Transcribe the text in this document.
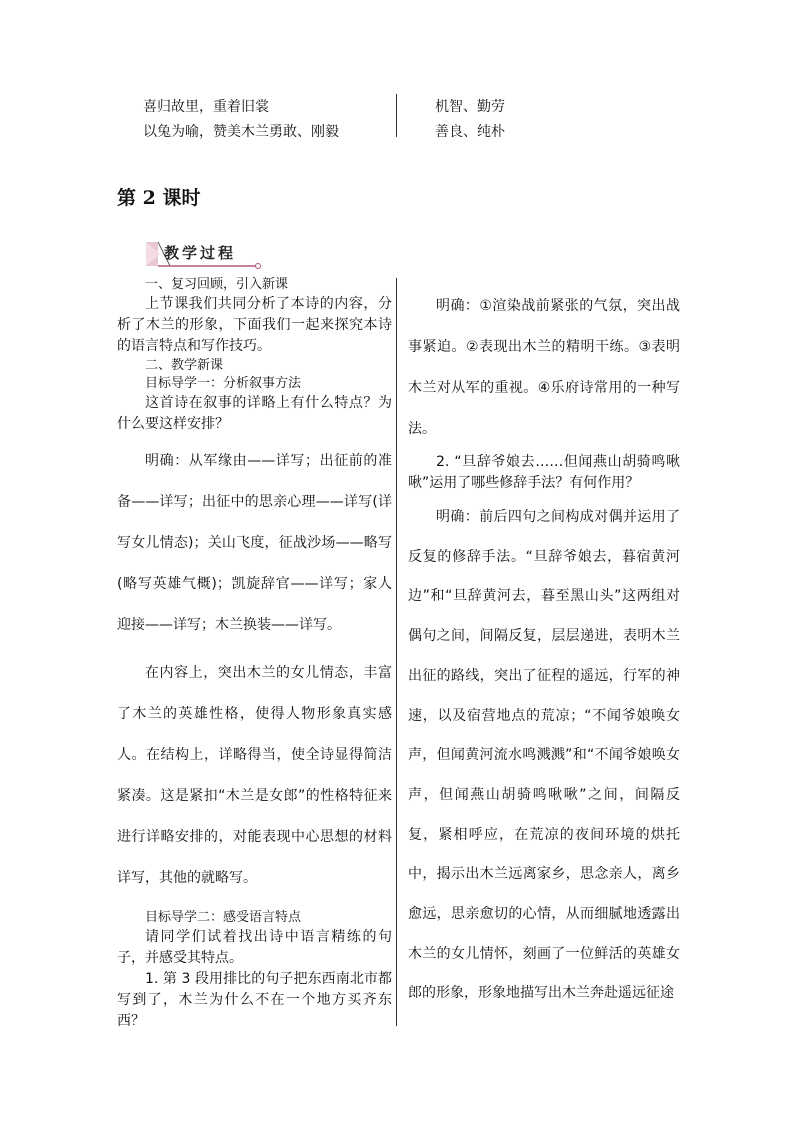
喜归故里，重着旧裳
以兔为喻，赞美木兰勇敢、刚毅
机智、勤劳
善良、纯朴
第 2 课时
教学过程

一、复习回顾，引入新课

上节课我们共同分析了本诗的内容，分析了木兰的形象，下面我们一起来探究本诗的语言特点和写作技巧。

二、教学新课

目标导学一：分析叙事方法

这首诗在叙事的详略上有什么特点？为什么要这样安排？

明确：从军缘由——详写；出征前的准备——详写；出征中的思亲心理——详写(详写女儿情态)；关山飞度，征战沙场——略写(略写英雄气概)；凯旋辞官——详写；家人迎接——详写；木兰换装——详写。

在内容上，突出木兰的女儿情态，丰富了木兰的英雄性格，使得人物形象真实感人。在结构上，详略得当，使全诗显得简洁紧凑。这是紧扣“木兰是女郎”的性格特征来进行详略安排的，对能表现中心思想的材料详写，其他的就略写。

目标导学二：感受语言特点

请同学们试着找出诗中语言精练的句子，并感受其特点。

1. 第 3 段用排比的句子把东西南北市都写到了，木兰为什么不在一个地方买齐东西？

明确：①渲染战前紧张的气氛，突出战事紧迫。②表现出木兰的精明干练。③表明木兰对从军的重视。④乐府诗常用的一种写法。

2. “旦辞爷娘去……但闻燕山胡骑鸣啾啾”运用了哪些修辞手法？有何作用？

明确：前后四句之间构成对偶并运用了反复的修辞手法。“旦辞爷娘去，暮宿黄河边”和“旦辞黄河去，暮至黑山头”这两组对偶句之间，间隔反复，层层递进，表明木兰出征的路线，突出了征程的遥远，行军的神速，以及宿营地点的荒凉；“不闻爷娘唤女声，但闻黄河流水鸣溅溅”和“不闻爷娘唤女声，但闻燕山胡骑鸣啾啾”之间，间隔反复，紧相呼应，在荒凉的夜间环境的烘托中，揭示出木兰远离家乡，思念亲人，离乡愈远，思亲愈切的心情，从而细腻地透露出木兰的女儿情怀，刻画了一位鲜活的英雄女郎的形象，形象地描写出木兰奔赴遥远征途
